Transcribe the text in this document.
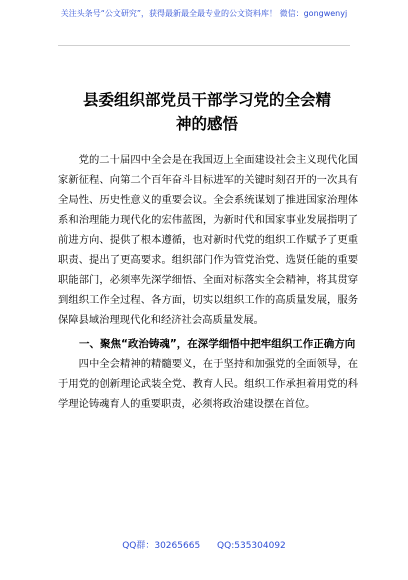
关注头条号“公文研究”，获得最新最全最专业的公文资料库！ 微信：gongwenyj
县委组织部党员干部学习党的全会精
神的感悟

党的二十届四中全会是在我国迈上全面建设社会主义现代化国家新征程、向第二个百年奋斗目标进军的关键时刻召开的一次具有全局性、历史性意义的重要会议。全会系统谋划了推进国家治理体系和治理能力现代化的宏伟蓝图，为新时代和国家事业发展指明了前进方向、提供了根本遵循，也对新时代党的组织工作赋予了更重职责、提出了更高要求。组织部门作为管党治党、选贤任能的重要职能部门，必须率先深学细悟、全面对标落实全会精神，将其贯穿到组织工作全过程、各方面，切实以组织工作的高质量发展，服务保障县域治理现代化和经济社会高质量发展。

一、聚焦“政治铸魂”，在深学细悟中把牢组织工作正确方向

四中全会精神的精髓要义，在于坚持和加强党的全面领导，在于用党的创新理论武装全党、教育人民。组织工作承担着用党的科学理论铸魂育人的重要职责，必须将政治建设摆在首位。

QQ群：30265665 QQ:535304092
